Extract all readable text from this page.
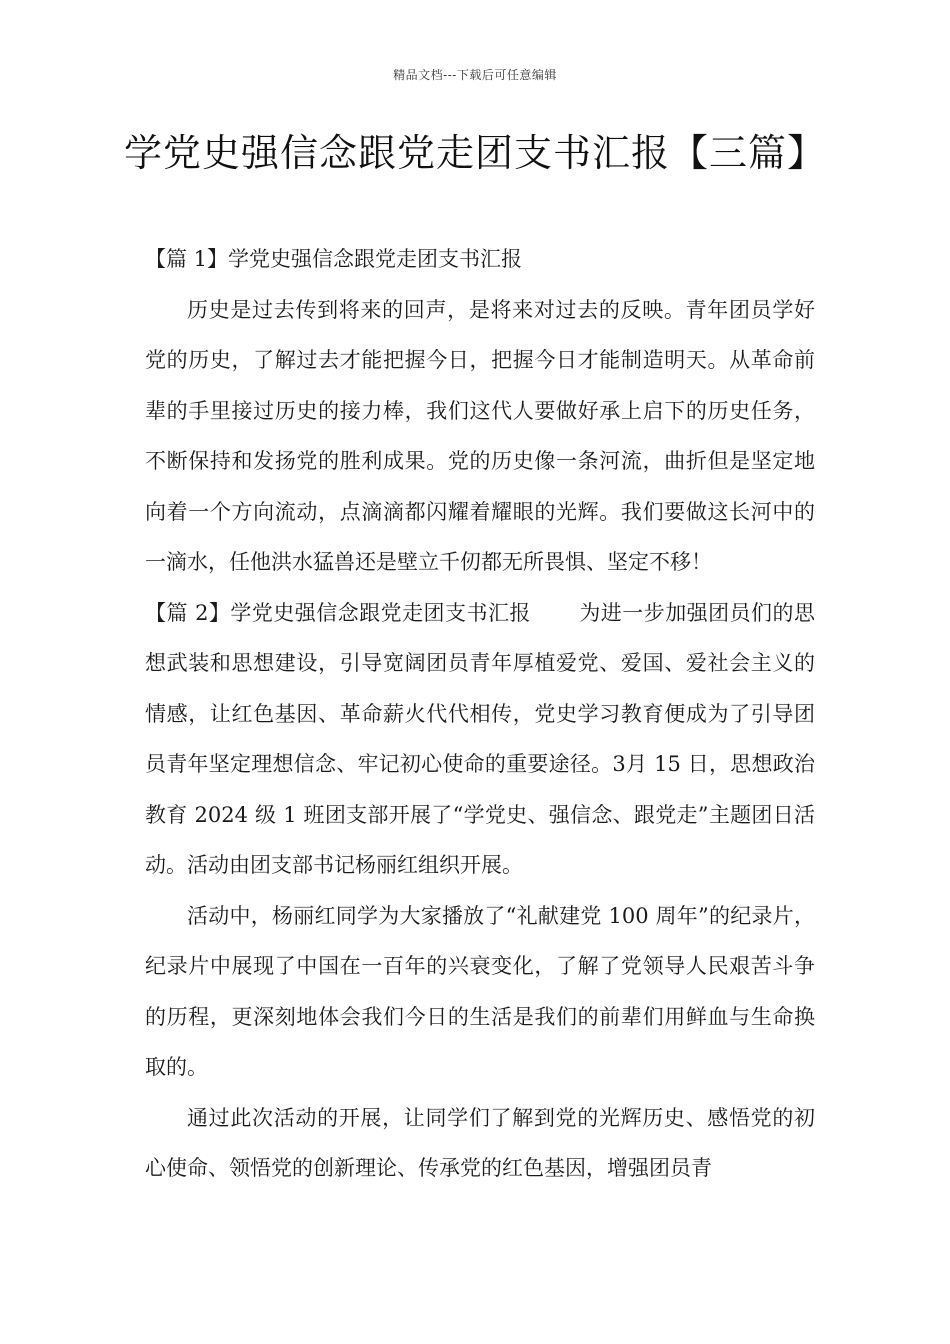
精品文档---下载后可任意编辑
学党史强信念跟党走团支书汇报【三篇】

【篇 1】学党史强信念跟党走团支书汇报

历史是过去传到将来的回声，是将来对过去的反映。青年团员学好党的历史，了解过去才能把握今日，把握今日才能制造明天。从革命前辈的手里接过历史的接力棒，我们这代人要做好承上启下的历史任务，不断保持和发扬党的胜利成果。党的历史像一条河流，曲折但是坚定地向着一个方向流动，点滴滴都闪耀着耀眼的光辉。我们要做这长河中的一滴水，任他洪水猛兽还是壁立千仞都无所畏惧、坚定不移！

【篇 2】学党史强信念跟党走团支书汇报 为进一步加强团员们的思想武装和思想建设，引导宽阔团员青年厚植爱党、爱国、爱社会主义的情感，让红色基因、革命薪火代代相传，党史学习教育便成为了引导团员青年坚定理想信念、牢记初心使命的重要途径。3月 15 日，思想政治教育 2024 级 1 班团支部开展了“学党史、强信念、跟党走”主题团日活动。活动由团支部书记杨丽红组织开展。

活动中，杨丽红同学为大家播放了“礼献建党 100 周年”的纪录片，纪录片中展现了中国在一百年的兴衰变化，了解了党领导人民艰苦斗争的历程，更深刻地体会我们今日的生活是我们的前辈们用鲜血与生命换取的。

通过此次活动的开展，让同学们了解到党的光辉历史、感悟党的初心使命、领悟党的创新理论、传承党的红色基因，增强团员青
